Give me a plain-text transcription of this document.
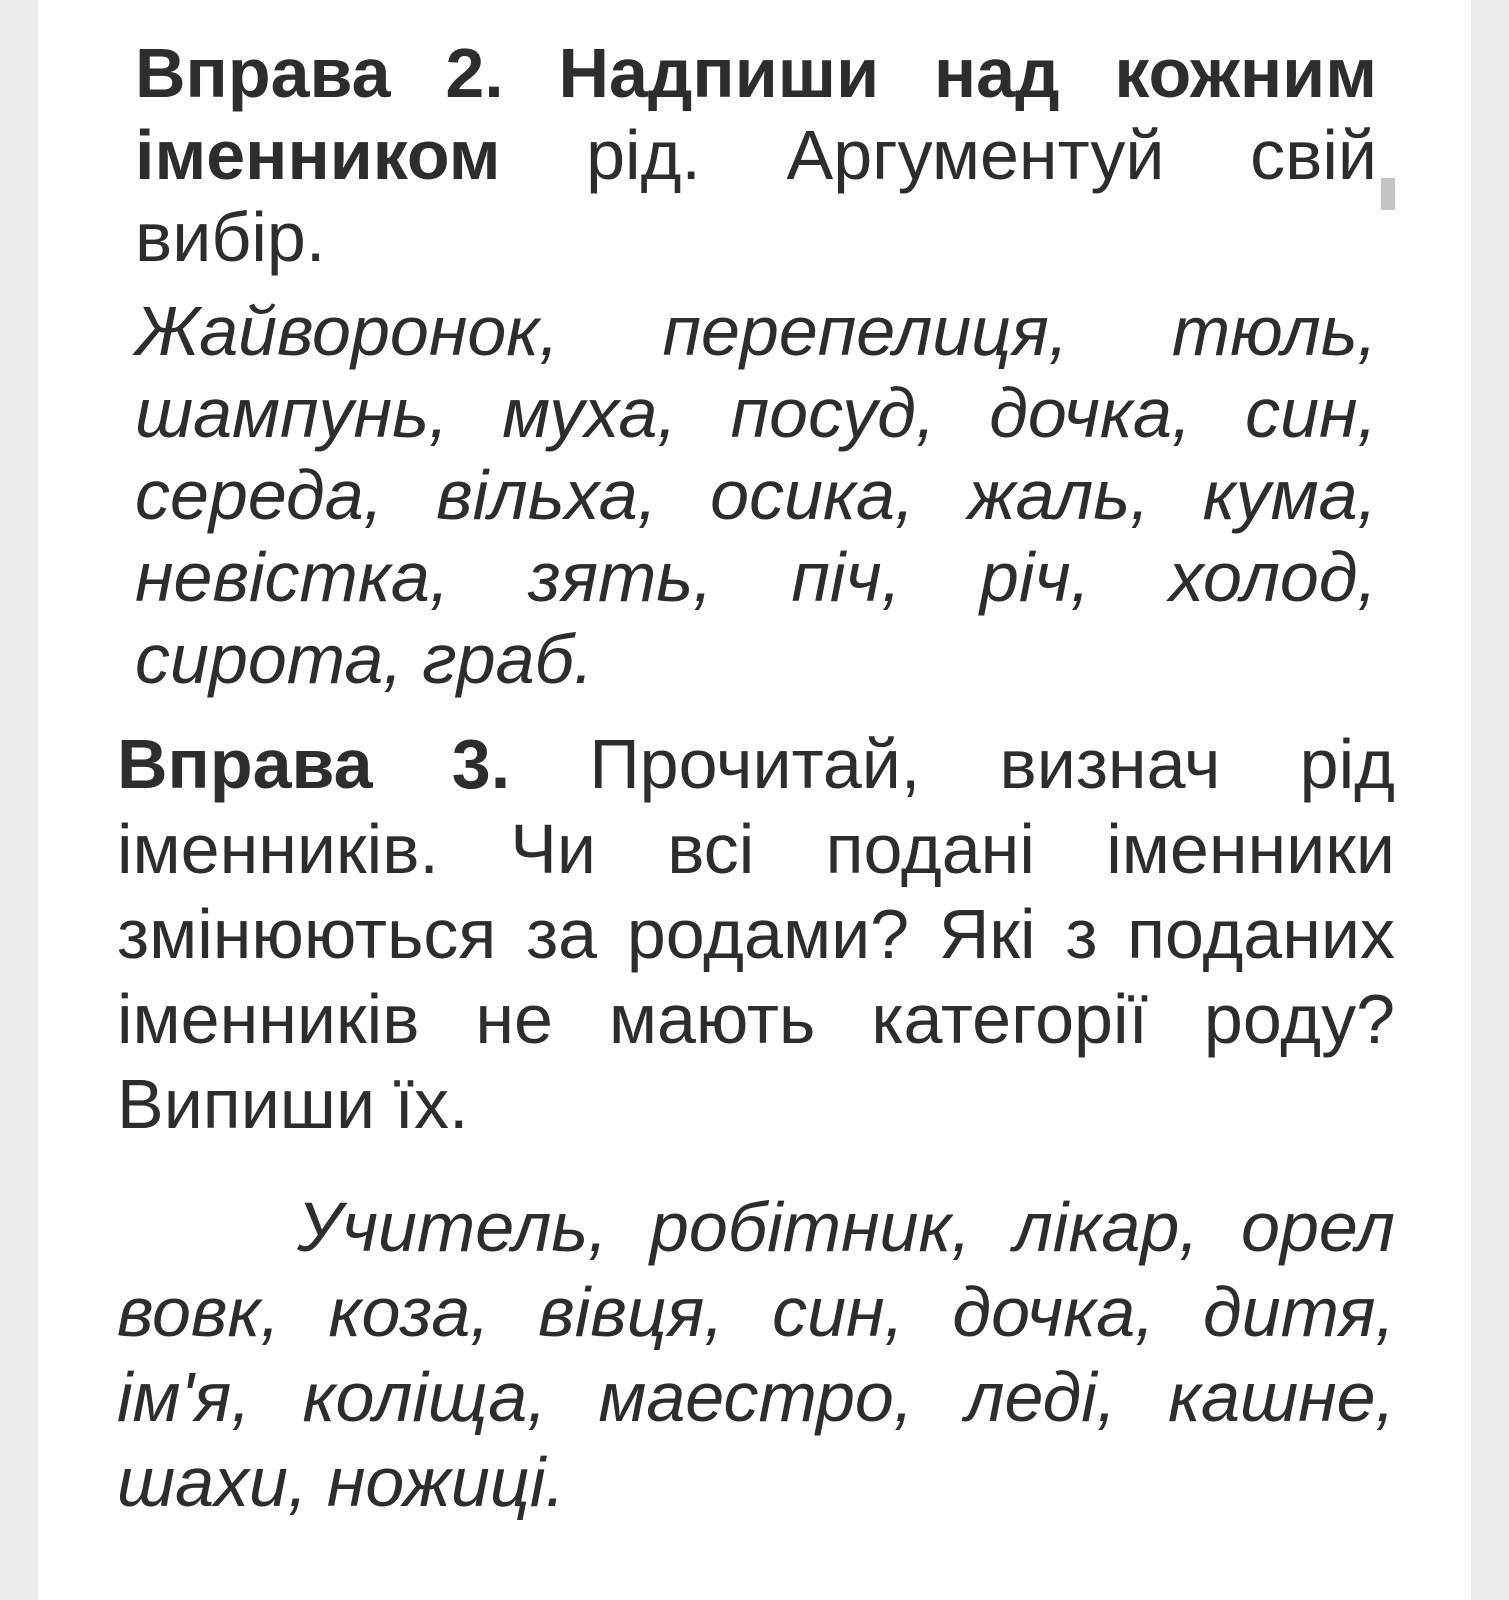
Вправа 2. Надпиши над кожним іменником рід. Аргументуй свій вибір.

Жайворонок, перепелиця, тюль, шампунь, муха, посуд, дочка, син, середа, вільха, осика, жаль, кума, невістка, зять, піч, річ, холод, сирота, граб.

Вправа 3. Прочитай, визнач рід іменників. Чи всі подані іменники змінюються за родами? Які з поданих іменників не мають категорії роду? Випиши їх.

Учитель, робітник, лікар, орел вовк, коза, вівця, син, дочка, дитя, ім'я, коліща, маестро, леді, кашне, шахи, ножиці.
